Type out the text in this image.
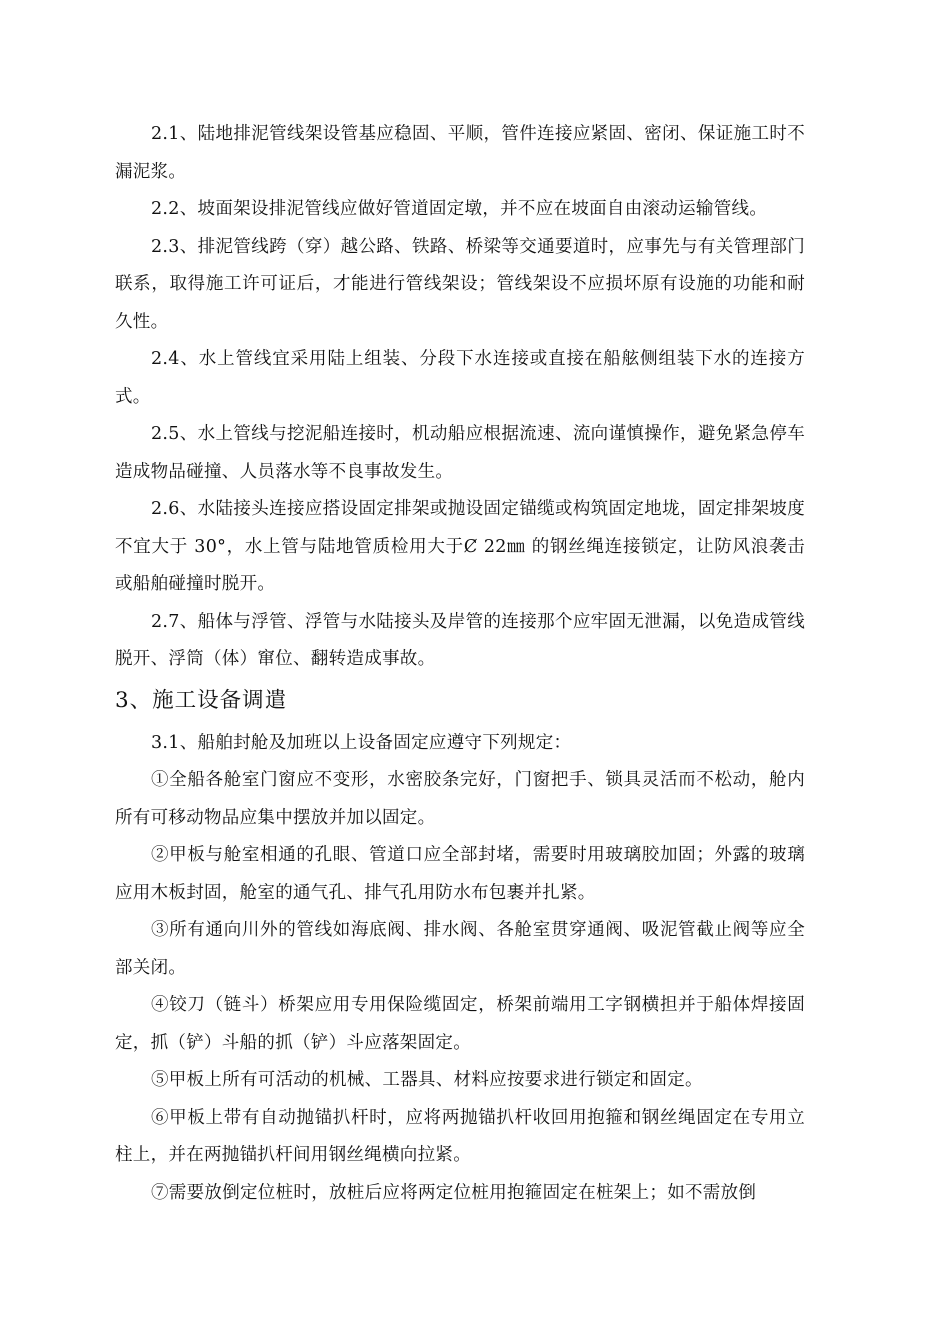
2.1、陆地排泥管线架设管基应稳固、平顺，管件连接应紧固、密闭、保证施工时不漏泥浆。

2.2、坡面架设排泥管线应做好管道固定墩，并不应在坡面自由滚动运输管线。

2.3、排泥管线跨（穿）越公路、铁路、桥梁等交通要道时，应事先与有关管理部门联系，取得施工许可证后，才能进行管线架设；管线架设不应损坏原有设施的功能和耐久性。

2.4、水上管线宜采用陆上组装、分段下水连接或直接在船舷侧组装下水的连接方式。

2.5、水上管线与挖泥船连接时，机动船应根据流速、流向谨慎操作，避免紧急停车造成物品碰撞、人员落水等不良事故发生。

2.6、水陆接头连接应搭设固定排架或抛设固定锚缆或构筑固定地垅，固定排架坡度不宜大于 30°，水上管与陆地管质检用大于Ȼ 22㎜ 的钢丝绳连接锁定，让防风浪袭击或船舶碰撞时脱开。

2.7、船体与浮管、浮管与水陆接头及岸管的连接那个应牢固无泄漏，以免造成管线脱开、浮筒（体）窜位、翻转造成事故。

3、施工设备调遣

3.1、船舶封舱及加班以上设备固定应遵守下列规定：

①全船各舱室门窗应不变形，水密胶条完好，门窗把手、锁具灵活而不松动，舱内所有可移动物品应集中摆放并加以固定。

②甲板与舱室相通的孔眼、管道口应全部封堵，需要时用玻璃胶加固；外露的玻璃应用木板封固，舱室的通气孔、排气孔用防水布包裹并扎紧。

③所有通向川外的管线如海底阀、排水阀、各舱室贯穿通阀、吸泥管截止阀等应全部关闭。

④铰刀（链斗）桥架应用专用保险缆固定，桥架前端用工字钢横担并于船体焊接固定，抓（铲）斗船的抓（铲）斗应落架固定。

⑤甲板上所有可活动的机械、工器具、材料应按要求进行锁定和固定。

⑥甲板上带有自动抛锚扒杆时，应将两抛锚扒杆收回用抱箍和钢丝绳固定在专用立柱上，并在两抛锚扒杆间用钢丝绳横向拉紧。

⑦需要放倒定位桩时，放桩后应将两定位桩用抱箍固定在桩架上；如不需放倒
